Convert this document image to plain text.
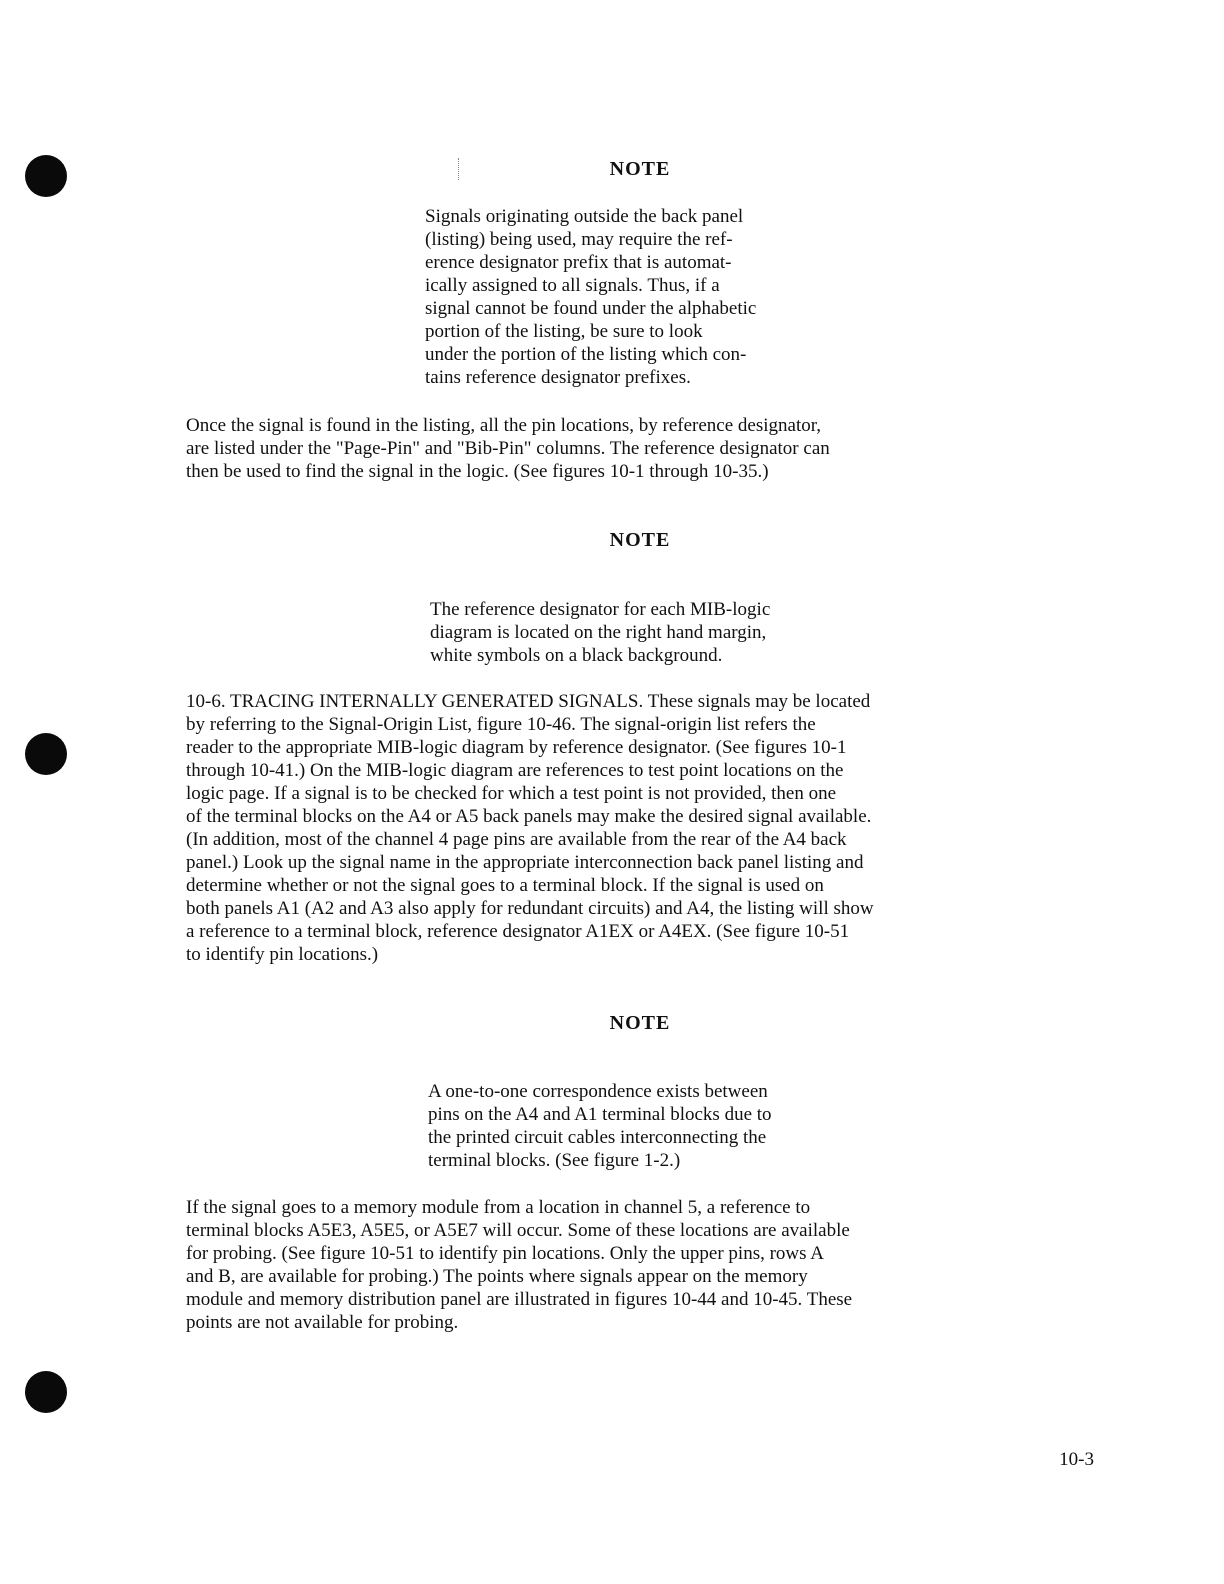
NOTE
Signals originating outside the back panel
(listing) being used, may require the ref-
erence designator prefix that is automat-
ically assigned to all signals. Thus, if a
signal cannot be found under the alphabetic
portion of the listing, be sure to look
under the portion of the listing which con-
tains reference designator prefixes.
Once the signal is found in the listing, all the pin locations, by reference designator,
are listed under the "Page-Pin" and "Bib-Pin" columns. The reference designator can
then be used to find the signal in the logic. (See figures 10-1 through 10-35.)
NOTE
The reference designator for each MIB-logic
diagram is located on the right hand margin,
white symbols on a black background.
10-6. TRACING INTERNALLY GENERATED SIGNALS. These signals may be located
by referring to the Signal-Origin List, figure 10-46. The signal-origin list refers the
reader to the appropriate MIB-logic diagram by reference designator. (See figures 10-1
through 10-41.) On the MIB-logic diagram are references to test point locations on the
logic page. If a signal is to be checked for which a test point is not provided, then one
of the terminal blocks on the A4 or A5 back panels may make the desired signal available.
(In addition, most of the channel 4 page pins are available from the rear of the A4 back
panel.) Look up the signal name in the appropriate interconnection back panel listing and
determine whether or not the signal goes to a terminal block. If the signal is used on
both panels A1 (A2 and A3 also apply for redundant circuits) and A4, the listing will show
a reference to a terminal block, reference designator A1EX or A4EX. (See figure 10-51
to identify pin locations.)
NOTE
A one-to-one correspondence exists between
pins on the A4 and A1 terminal blocks due to
the printed circuit cables interconnecting the
terminal blocks. (See figure 1-2.)
If the signal goes to a memory module from a location in channel 5, a reference to
terminal blocks A5E3, A5E5, or A5E7 will occur. Some of these locations are available
for probing. (See figure 10-51 to identify pin locations. Only the upper pins, rows A
and B, are available for probing.) The points where signals appear on the memory
module and memory distribution panel are illustrated in figures 10-44 and 10-45. These
points are not available for probing.

10-3
